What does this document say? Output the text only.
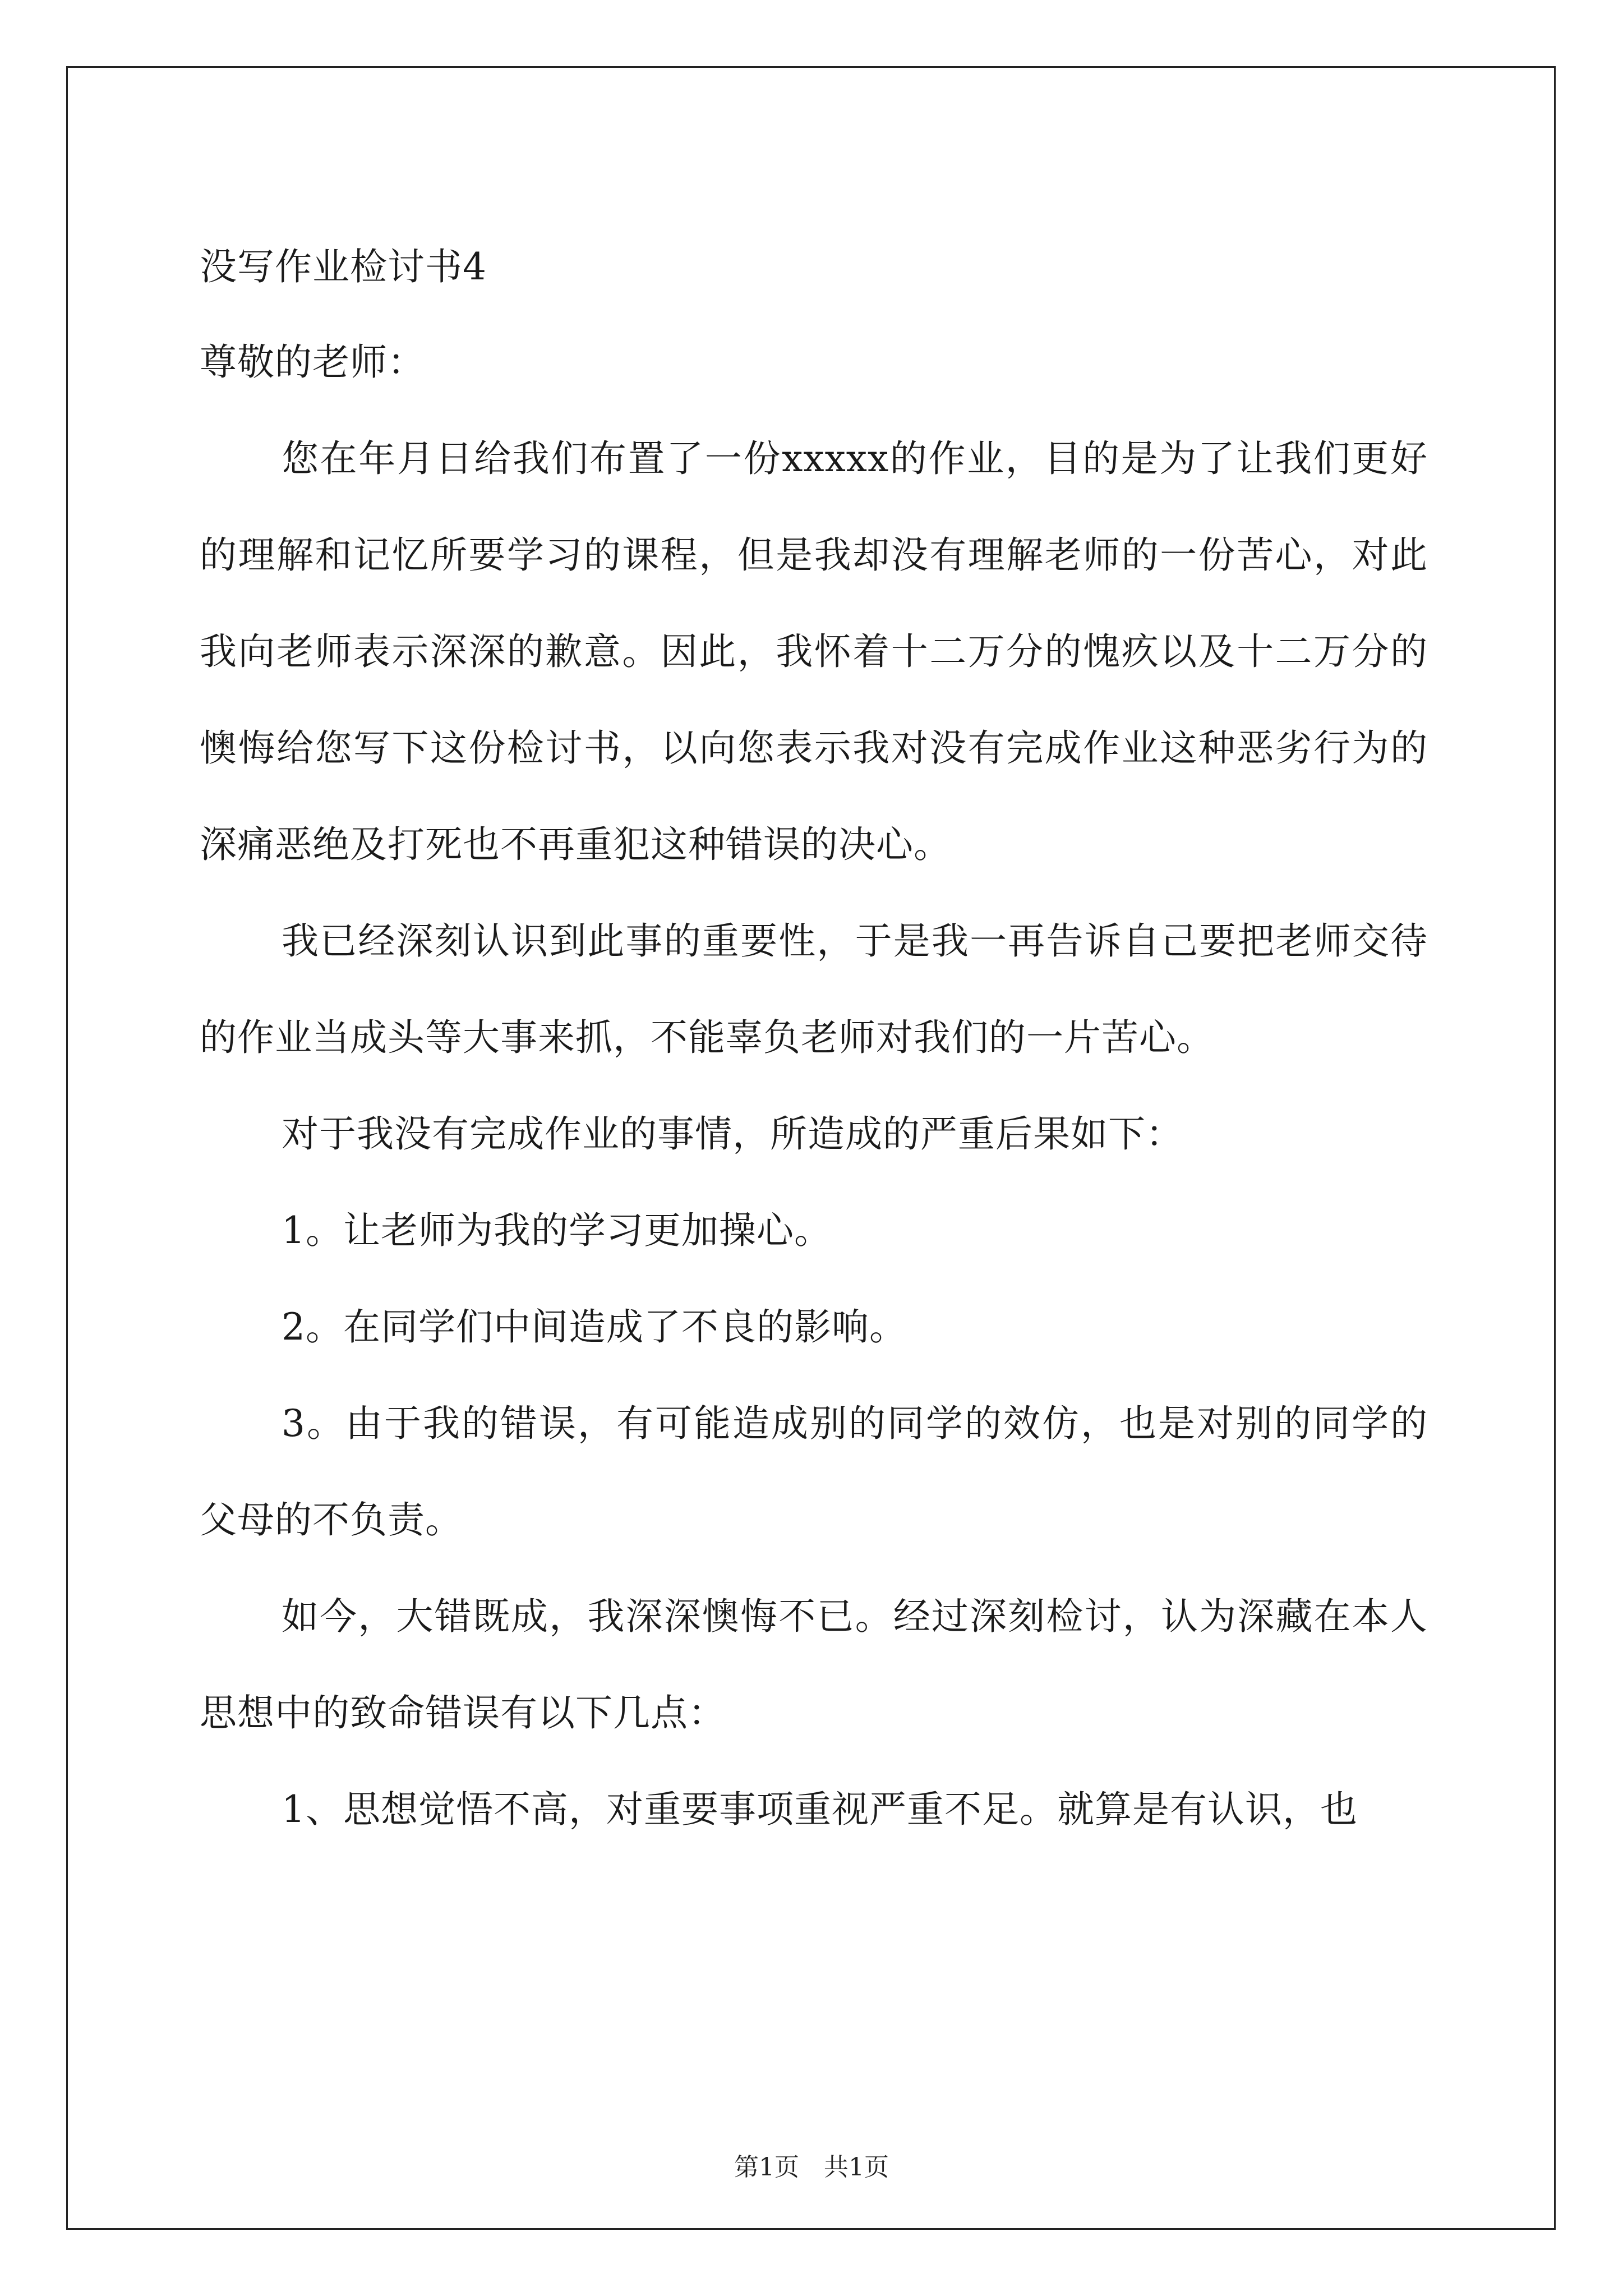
没写作业检讨书4

尊敬的老师：

您在年月日给我们布置了一份xxxxx的作业，目的是为了让我们更好的理解和记忆所要学习的课程，但是我却没有理解老师的一份苦心，对此我向老师表示深深的歉意。因此，我怀着十二万分的愧疚以及十二万分的懊悔给您写下这份检讨书，以向您表示我对没有完成作业这种恶劣行为的深痛恶绝及打死也不再重犯这种错误的决心。

我已经深刻认识到此事的重要性，于是我一再告诉自己要把老师交待的作业当成头等大事来抓，不能辜负老师对我们的一片苦心。

对于我没有完成作业的事情，所造成的严重后果如下：

1。让老师为我的学习更加操心。

2。在同学们中间造成了不良的影响。

3。由于我的错误，有可能造成别的同学的效仿，也是对别的同学的父母的不负责。

如今，大错既成，我深深懊悔不已。经过深刻检讨，认为深藏在本人思想中的致命错误有以下几点：

1、思想觉悟不高，对重要事项重视严重不足。就算是有认识，也

第1页　共1页
